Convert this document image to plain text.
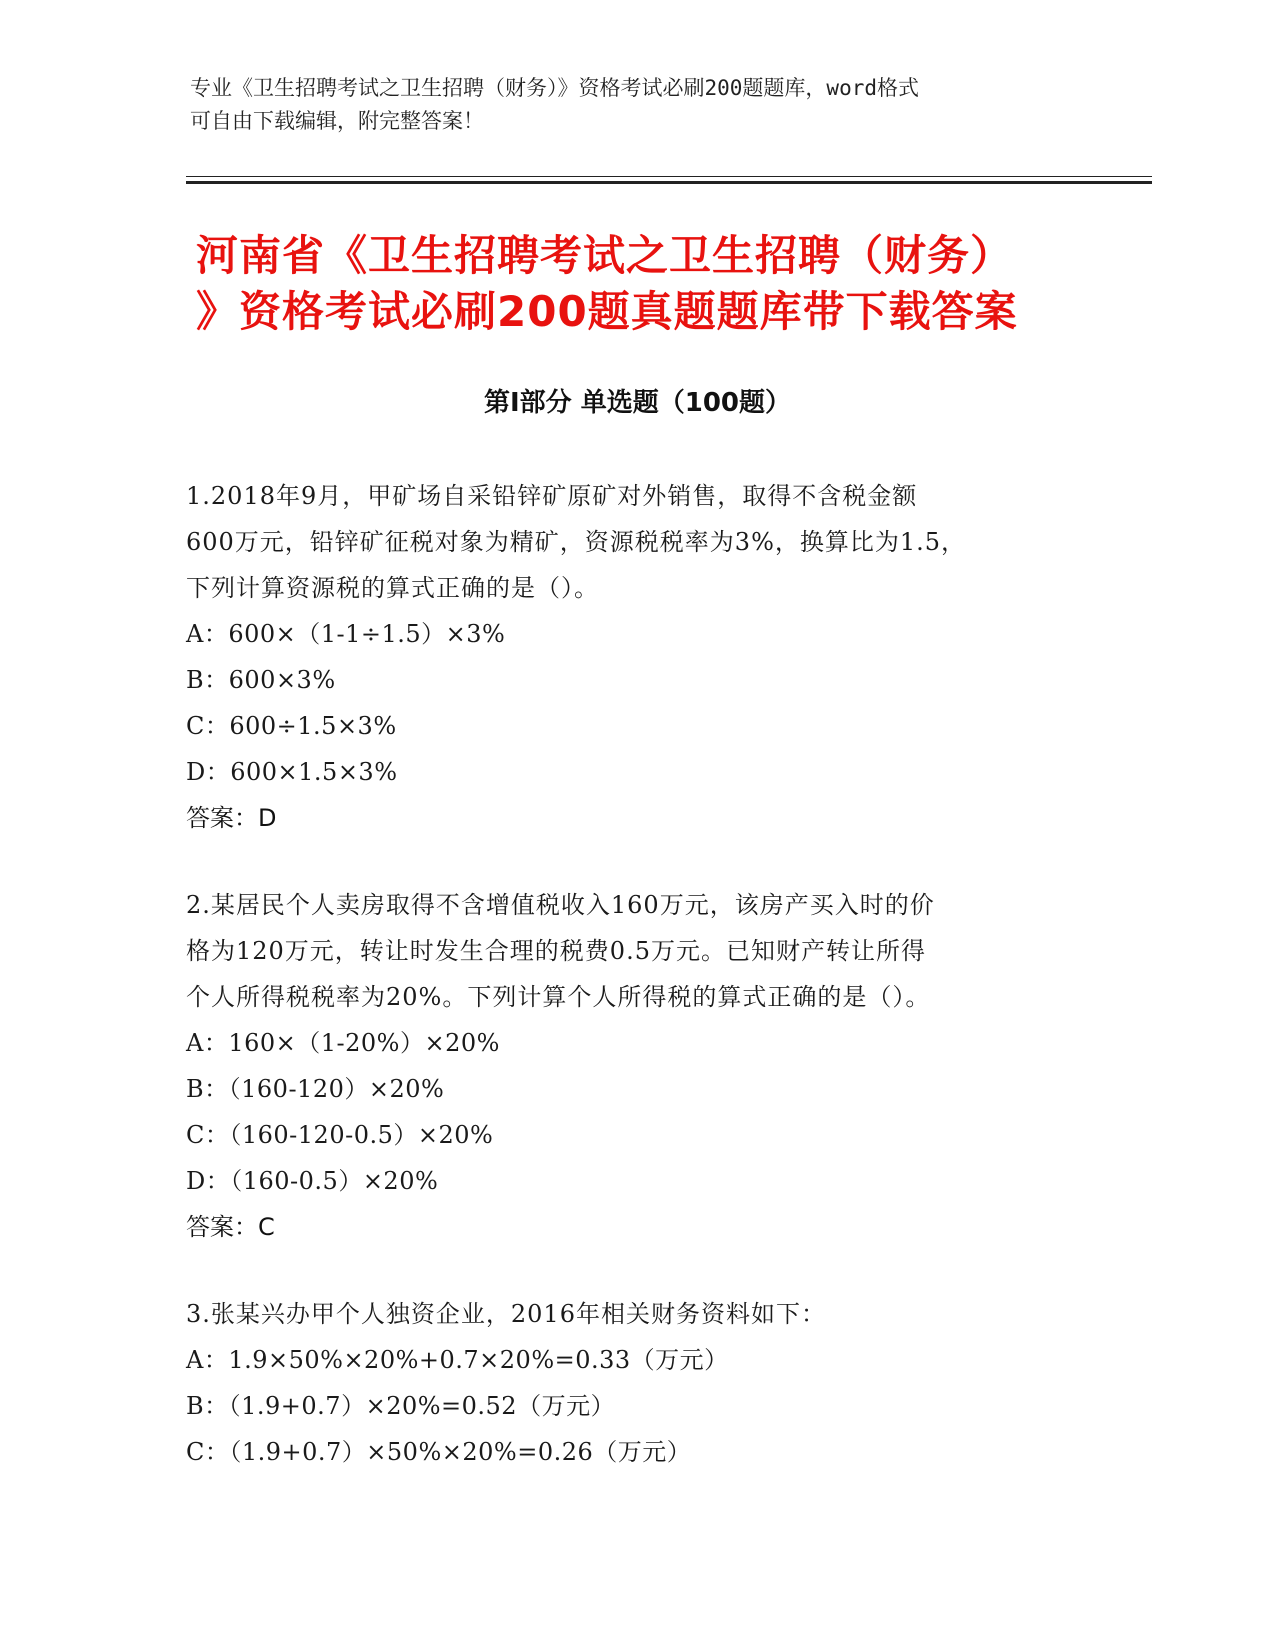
专业《卫生招聘考试之卫生招聘（财务）》资格考试必刷200题题库，word格式
可自由下载编辑，附完整答案！
河南省《卫生招聘考试之卫生招聘（财务）
》资格考试必刷200题真题题库带下载答案
第Ⅰ部分 单选题（100题）
1.2018年9月，甲矿场自采铅锌矿原矿对外销售，取得不含税金额
600万元，铅锌矿征税对象为精矿，资源税税率为3%，换算比为1.5，
下列计算资源税的算式正确的是（）。
A：600×（1-1÷1.5）×3%
B：600×3%
C：600÷1.5×3%
D：600×1.5×3%
答案：D
2.某居民个人卖房取得不含增值税收入160万元，该房产买入时的价
格为120万元，转让时发生合理的税费0.5万元。已知财产转让所得
个人所得税税率为20%。下列计算个人所得税的算式正确的是（）。
A：160×（1-20%）×20%
B：（160-120）×20%
C：（160-120-0.5）×20%
D：（160-0.5）×20%
答案：C
3.张某兴办甲个人独资企业，2016年相关财务资料如下：
A：1.9×50%×20%+0.7×20%=0.33（万元）
B：（1.9+0.7）×20%=0.52（万元）
C：（1.9+0.7）×50%×20%=0.26（万元）
